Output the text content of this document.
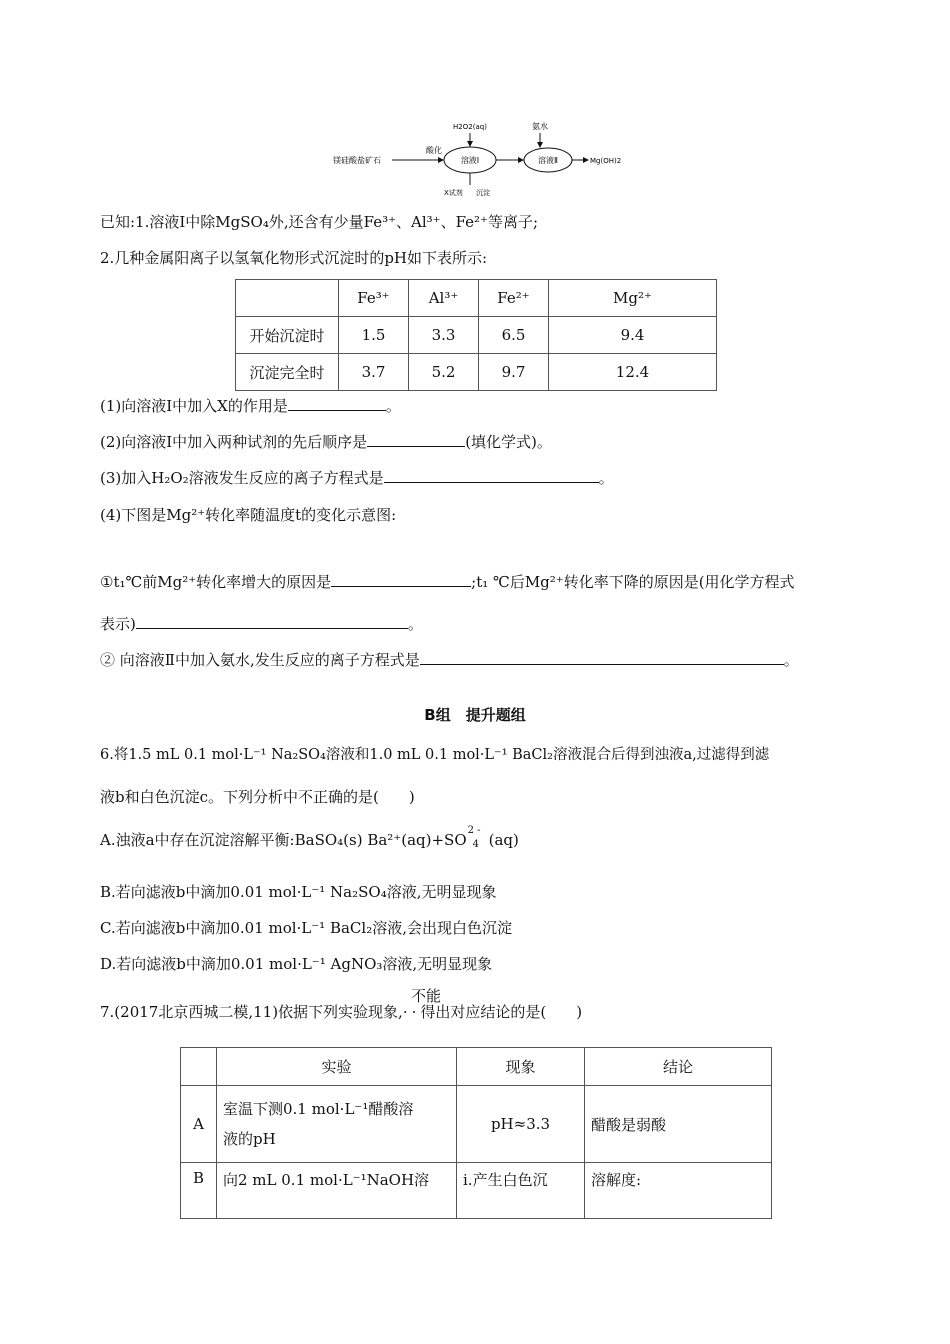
镁硅酸盐矿石
酸化
溶液Ⅰ
H2O2(aq)
X试剂 沉淀
溶液Ⅱ
氨水
Mg(OH)2
已知:1.溶液Ⅰ中除MgSO₄外,还含有少量Fe³⁺、Al³⁺、Fe²⁺等离子;
2.几种金属阳离子以氢氧化物形式沉淀时的pH如下表所示:
	Fe³⁺	Al³⁺	Fe²⁺	Mg²⁺
开始沉淀时	1.5	3.3	6.5	9.4
沉淀完全时	3.7	5.2	9.7	12.4
(1)向溶液Ⅰ中加入X的作用是	。
(2)向溶液Ⅰ中加入两种试剂的先后顺序是	(填化学式)。
(3)加入H₂O₂溶液发生反应的离子方程式是	。
(4)下图是Mg²⁺转化率随温度t的变化示意图:
①t₁℃前Mg²⁺转化率增大的原因是	;t₁ ℃后Mg²⁺转化率下降的原因是(用化学方程式
表示)	。
② 向溶液Ⅱ中加入氨水,发生反应的离子方程式是	。
B组　提升题组
6.将1.5 mL 0.1 mol·L⁻¹ Na₂SO₄溶液和1.0 mL 0.1 mol·L⁻¹ BaCl₂溶液混合后得到浊液a,过滤得到滤
液b和白色沉淀c。下列分析中不正确的是(　　)
A.浊液a中存在沉淀溶解平衡:BaSO₄(s) Ba²⁺(aq)+SO
2 -
4 (aq)
B.若向滤液b中滴加0.01 mol·L⁻¹ Na₂SO₄溶液,无明显现象
C.若向滤液b中滴加0.01 mol·L⁻¹ BaCl₂溶液,会出现白色沉淀
D.若向滤液b中滴加0.01 mol·L⁻¹ AgNO₃溶液,无明显现象
不能
7.(2017北京西城二模,11)依据下列实验现象,··得出对应结论的是(　　)
	实验	现象	结论
A	室温下测0.1 mol·L⁻¹醋酸溶
液的pH	pH≈3.3	醋酸是弱酸
B	向2 mL 0.1 mol·L⁻¹NaOH溶	ⅰ.产生白色沉	溶解度:
